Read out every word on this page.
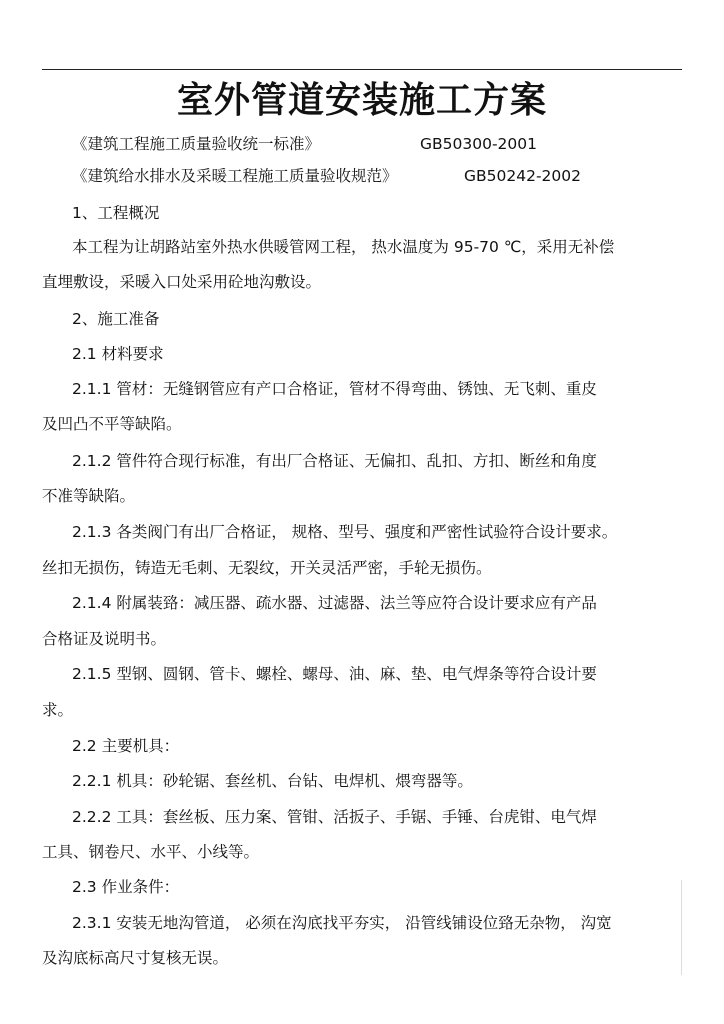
室外管道安装施工方案
《建筑工程施工质量验收统一标准》	GB50300-2001
《建筑给水排水及采暖工程施工质量验收规范》	GB50242-2002
1、工程概况
本工程为让胡路站室外热水供暖管网工程， 热水温度为 95-70 ℃，采用无补偿
直埋敷设，采暖入口处采用砼地沟敷设。
2、施工准备
2.1 材料要求
2.1.1 管材：无缝钢管应有产口合格证，管材不得弯曲、锈蚀、无飞刺、重皮
及凹凸不平等缺陷。
2.1.2 管件符合现行标准，有出厂合格证、无偏扣、乱扣、方扣、断丝和角度
不准等缺陷。
2.1.3 各类阀门有出厂合格证， 规格、型号、强度和严密性试验符合设计要求。
丝扣无损伤，铸造无毛刺、无裂纹，开关灵活严密，手轮无损伤。
2.1.4 附属装臵：减压器、疏水器、过滤器、法兰等应符合设计要求应有产品
合格证及说明书。
2.1.5 型钢、圆钢、管卡、螺栓、螺母、油、麻、垫、电气焊条等符合设计要
求。
2.2 主要机具：
2.2.1 机具：砂轮锯、套丝机、台钻、电焊机、煨弯器等。
2.2.2 工具：套丝板、压力案、管钳、活扳子、手锯、手锤、台虎钳、电气焊
工具、钢卷尺、水平、小线等。
2.3 作业条件：
2.3.1 安装无地沟管道， 必须在沟底找平夯实， 沿管线铺设位臵无杂物， 沟宽
及沟底标高尺寸复核无误。
